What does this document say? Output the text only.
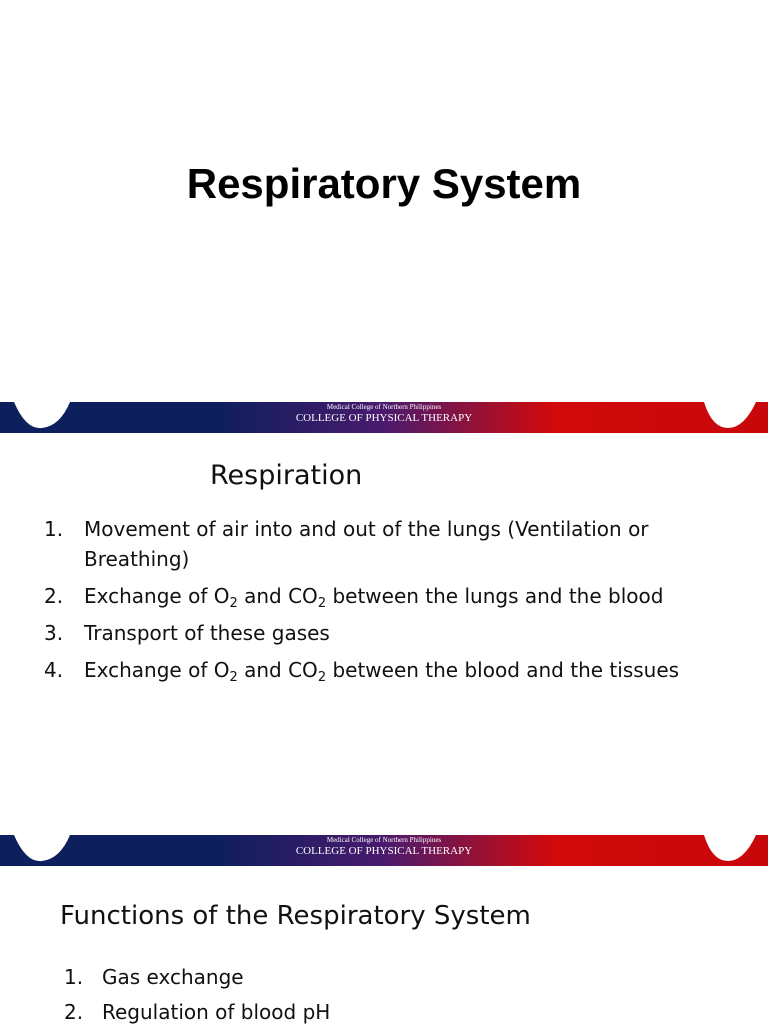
Respiratory System
Medical College of Northern Philippines
COLLEGE OF PHYSICAL THERAPY
Respiration
1. Movement of air into and out of the lungs (Ventilation or Breathing)
2. Exchange of $O_2$ and $CO_2$ between the lungs and the blood
3. Transport of these gases
4. Exchange of $O_2$ and $CO_2$ between the blood and the tissues
Medical College of Northern Philippines
COLLEGE OF PHYSICAL THERAPY
Functions of the Respiratory System
1. Gas exchange
2. Regulation of blood pH
